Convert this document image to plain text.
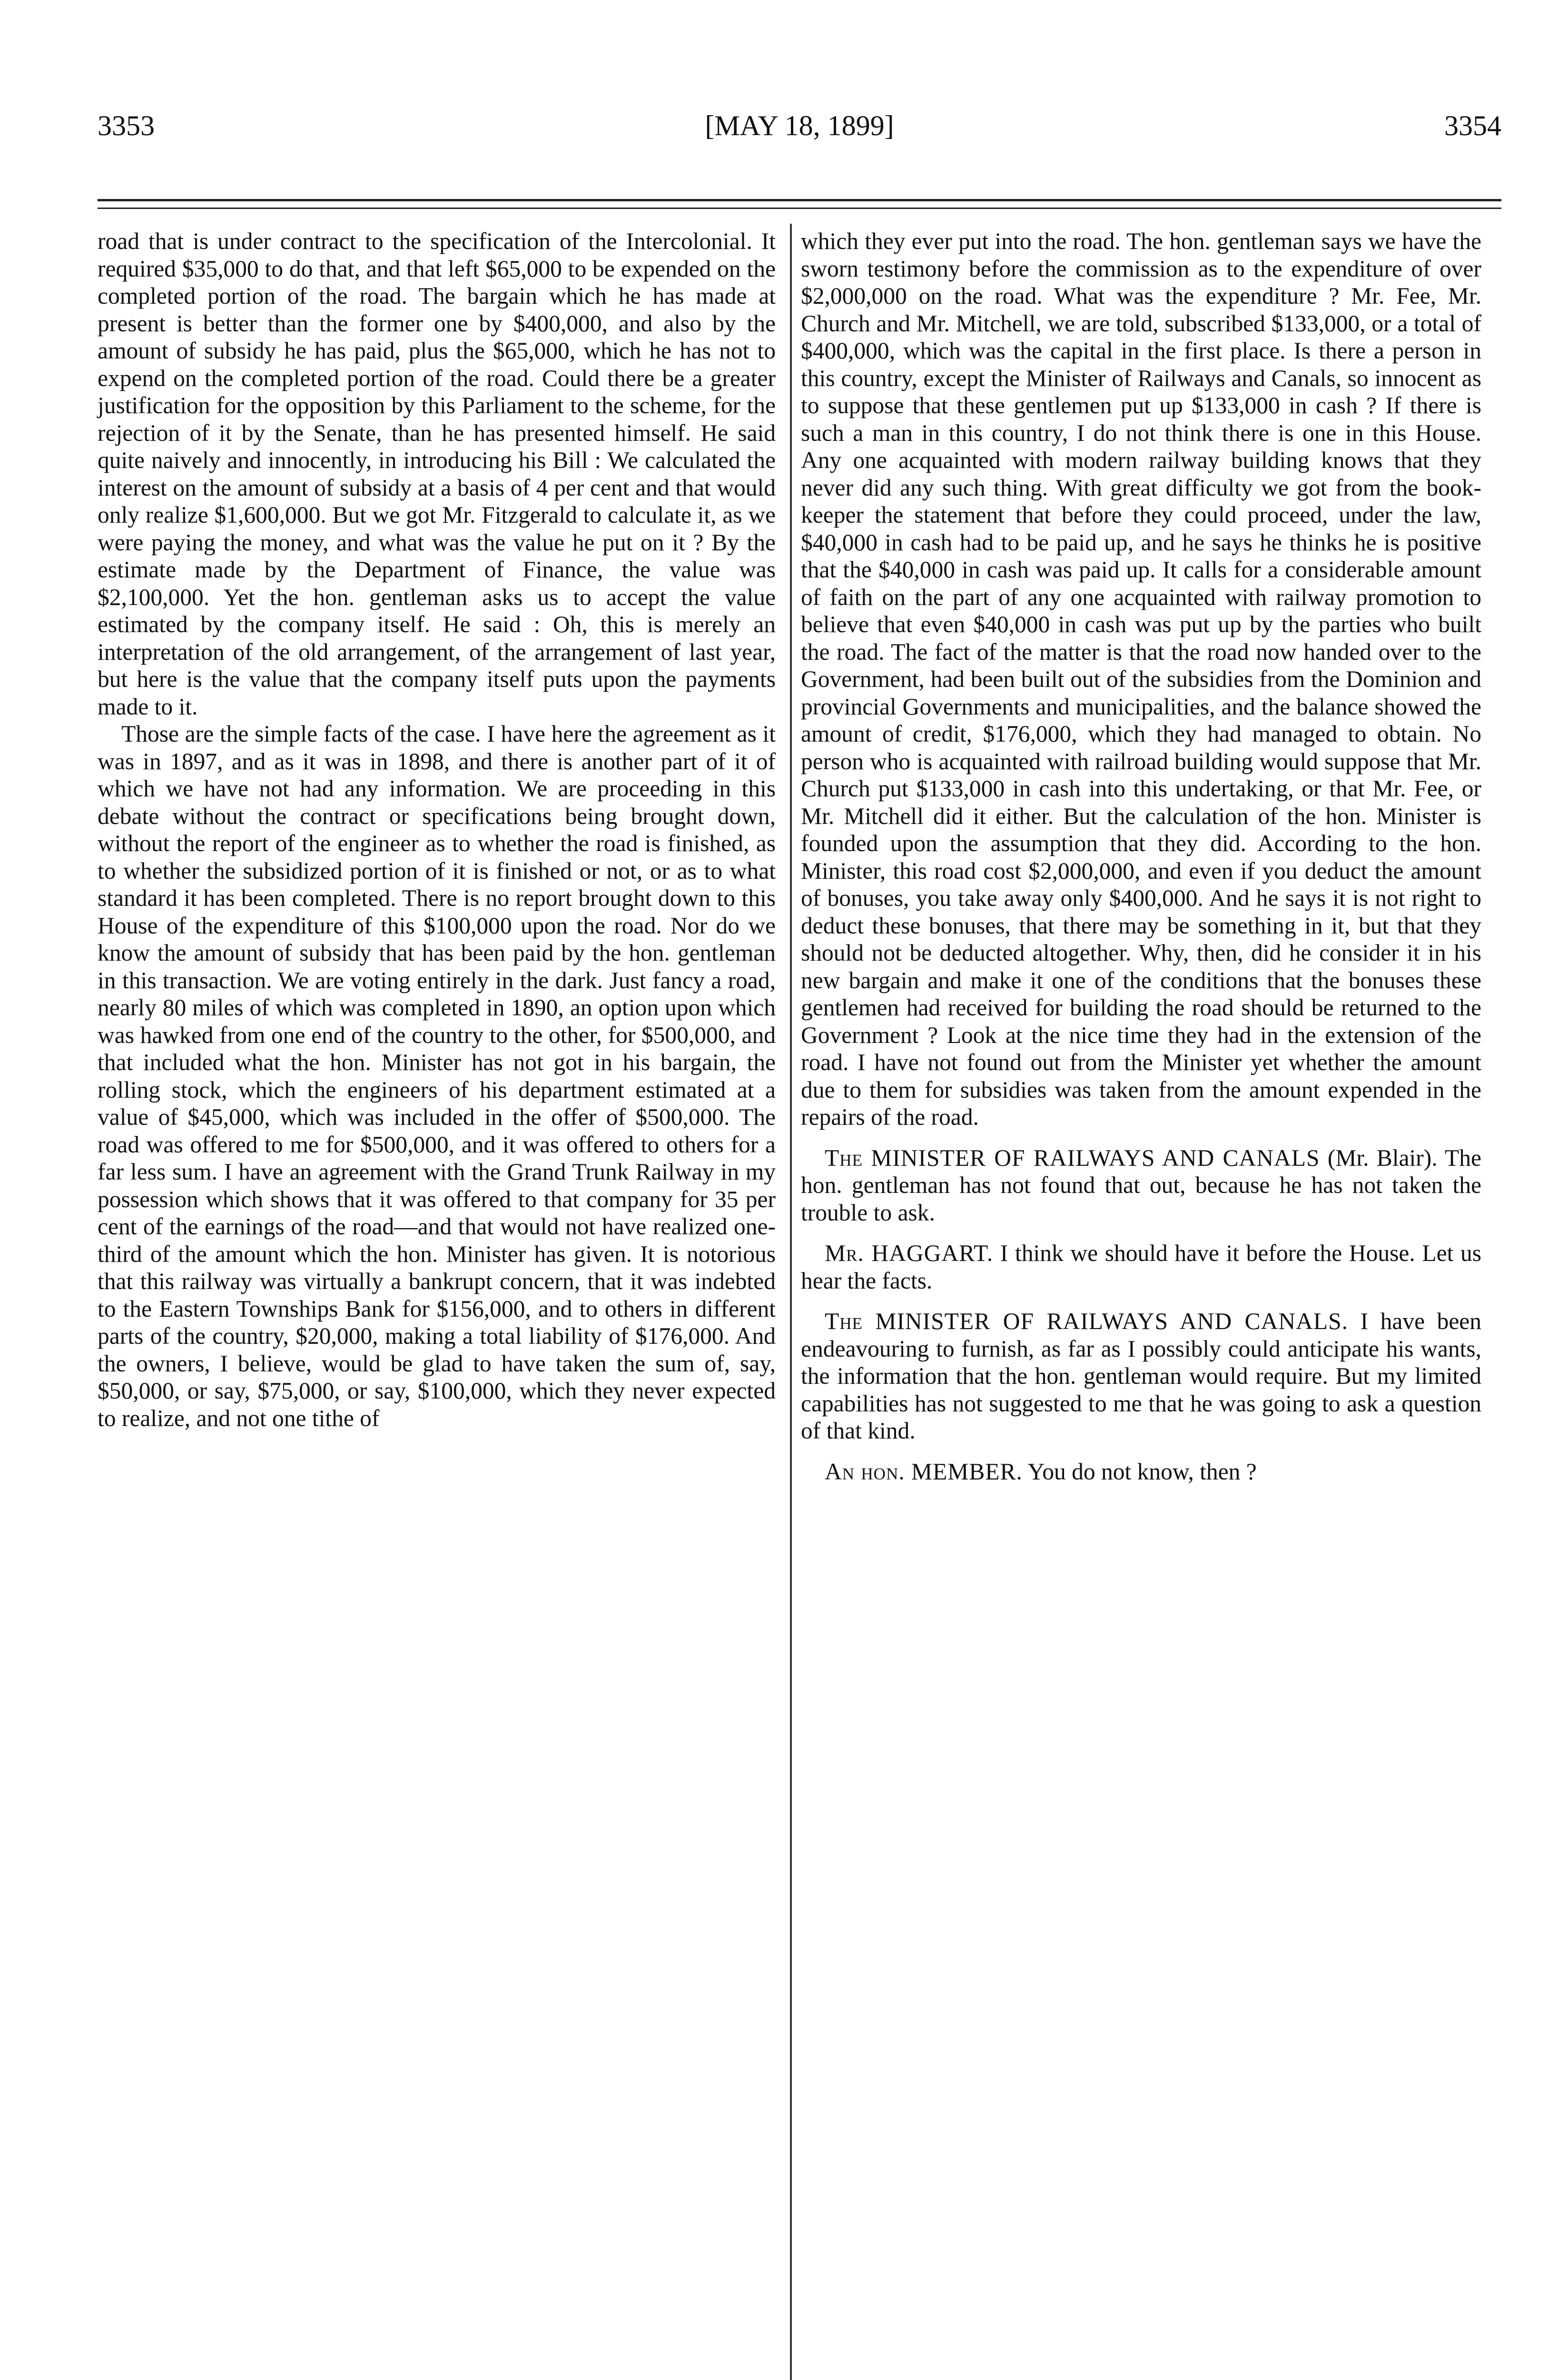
3353	[MAY 18, 1899]	3354

road that is under contract to the specification of the Intercolonial. It required $35,000 to do that, and that left $65,000 to be expended on the completed portion of the road. The bargain which he has made at present is better than the former one by $400,000, and also by the amount of subsidy he has paid, plus the $65,000, which he has not to expend on the completed portion of the road. Could there be a greater justification for the opposition by this Parliament to the scheme, for the rejection of it by the Senate, than he has presented himself. He said quite naively and innocently, in introducing his Bill : We calculated the interest on the amount of subsidy at a basis of 4 per cent and that would only realize $1,600,000. But we got Mr. Fitzgerald to calculate it, as we were paying the money, and what was the value he put on it ? By the estimate made by the Department of Finance, the value was $2,100,000. Yet the hon. gentleman asks us to accept the value estimated by the company itself. He said : Oh, this is merely an interpretation of the old arrangement, of the arrangement of last year, but here is the value that the company itself puts upon the payments made to it.

Those are the simple facts of the case. I have here the agreement as it was in 1897, and as it was in 1898, and there is another part of it of which we have not had any information. We are proceeding in this debate without the contract or specifications being brought down, without the report of the engineer as to whether the road is finished, as to whether the subsidized portion of it is finished or not, or as to what standard it has been completed. There is no report brought down to this House of the expenditure of this $100,000 upon the road. Nor do we know the amount of subsidy that has been paid by the hon. gentleman in this transaction. We are voting entirely in the dark. Just fancy a road, nearly 80 miles of which was completed in 1890, an option upon which was hawked from one end of the country to the other, for $500,000, and that included what the hon. Minister has not got in his bargain, the rolling stock, which the engineers of his department estimated at a value of $45,000, which was included in the offer of $500,000. The road was offered to me for $500,000, and it was offered to others for a far less sum. I have an agreement with the Grand Trunk Railway in my possession which shows that it was offered to that company for 35 per cent of the earnings of the road—and that would not have realized one-third of the amount which the hon. Minister has given. It is notorious that this railway was virtually a bankrupt concern, that it was indebted to the Eastern Townships Bank for $156,000, and to others in different parts of the country, $20,000, making a total liability of $176,000. And the owners, I believe, would be glad to have taken the sum of, say, $50,000, or say, $75,000, or say, $100,000, which they never expected to realize, and not one tithe of

which they ever put into the road. The hon. gentleman says we have the sworn testimony before the commission as to the expenditure of over $2,000,000 on the road. What was the expenditure ? Mr. Fee, Mr. Church and Mr. Mitchell, we are told, subscribed $133,000, or a total of $400,000, which was the capital in the first place. Is there a person in this country, except the Minister of Railways and Canals, so innocent as to suppose that these gentlemen put up $133,000 in cash ? If there is such a man in this country, I do not think there is one in this House. Any one acquainted with modern railway building knows that they never did any such thing. With great difficulty we got from the book-keeper the statement that before they could proceed, under the law, $40,000 in cash had to be paid up, and he says he thinks he is positive that the $40,000 in cash was paid up. It calls for a considerable amount of faith on the part of any one acquainted with railway promotion to believe that even $40,000 in cash was put up by the parties who built the road. The fact of the matter is that the road now handed over to the Government, had been built out of the subsidies from the Dominion and provincial Governments and municipalities, and the balance showed the amount of credit, $176,000, which they had managed to obtain. No person who is acquainted with railroad building would suppose that Mr. Church put $133,000 in cash into this undertaking, or that Mr. Fee, or Mr. Mitchell did it either. But the calculation of the hon. Minister is founded upon the assumption that they did. According to the hon. Minister, this road cost $2,000,000, and even if you deduct the amount of bonuses, you take away only $400,000. And he says it is not right to deduct these bonuses, that there may be something in it, but that they should not be deducted altogether. Why, then, did he consider it in his new bargain and make it one of the conditions that the bonuses these gentlemen had received for building the road should be returned to the Government ? Look at the nice time they had in the extension of the road. I have not found out from the Minister yet whether the amount due to them for subsidies was taken from the amount expended in the repairs of the road.

The MINISTER OF RAILWAYS AND CANALS (Mr. Blair). The hon. gentleman has not found that out, because he has not taken the trouble to ask.

Mr. HAGGART. I think we should have it before the House. Let us hear the facts.

The MINISTER OF RAILWAYS AND CANALS. I have been endeavouring to furnish, as far as I possibly could anticipate his wants, the information that the hon. gentleman would require. But my limited capabilities has not suggested to me that he was going to ask a question of that kind.

An hon. MEMBER. You do not know, then ?
